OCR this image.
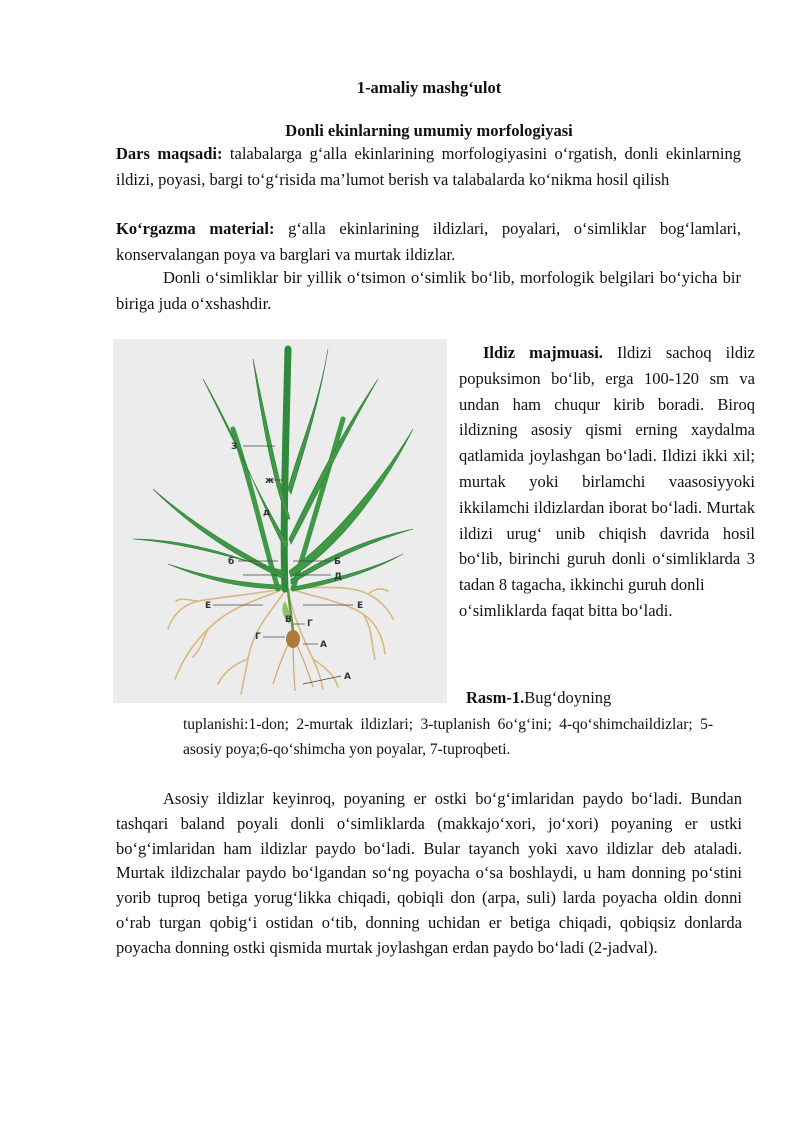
1-amaliy mashg‘ulot
Donli ekinlarning umumiy morfologiyasi
Dars maqsadi: talabalarga g‘alla ekinlarining morfologiyasini o‘rgatish, donli ekinlarning ildizi, poyasi, bargi to‘g‘risida ma’lumot berish va talabalarda ko‘nikma hosil qilish
Ko‘rgazma material: g‘alla ekinlarining ildizlari, poyalari, o‘simliklar bog‘lamlari, konservalangan poya va barglari va murtak ildizlar.
Donli o‘simliklar bir yillik o‘tsimon o‘simlik bo‘lib, morfologik belgilari bo‘yicha bir biriga juda o‘xshashdir.
3
ж
д
б	Б
Д
Е	Е
Г
В Г
А
А
Ildiz majmuasi. Ildizi sachoq ildiz popuksimon bo‘lib, erga 100-120 sm va undan ham chuqur kirib boradi. Biroq ildizning asosiy qismi erning xaydalma qatlamida joylashgan bo‘ladi. Ildizi ikki xil; murtak yoki birlamchi vaasosiyyoki ikkilamchi ildizlardan iborat bo‘ladi. Murtak ildizi urug‘ unib chiqish davrida hosil bo‘lib, birinchi guruh donli o‘simliklarda 3 tadan 8 tagacha, ikkinchi guruh donli
o‘simliklarda faqat bitta bo‘ladi.
Rasm-1.Bug‘doyning
tuplanishi:1-don; 2-murtak ildizlari; 3-tuplanish 6o‘g‘ini; 4-qo‘shimchaildizlar; 5-asosiy poya;6-qo‘shimcha yon poyalar, 7-tuproqbeti.
Asosiy ildizlar keyinroq, poyaning er ostki bo‘g‘imlaridan paydo bo‘ladi. Bundan tashqari baland poyali donli o‘simliklarda (makkajo‘xori, jo‘xori) poyaning er ustki bo‘g‘imlaridan ham ildizlar paydo bo‘ladi. Bular tayanch yoki xavo ildizlar deb ataladi. Murtak ildizchalar paydo bo‘lgandan so‘ng poyacha o‘sa boshlaydi, u ham donning po‘stini yorib tuproq betiga yorug‘likka chiqadi, qobiqli don (arpa, suli) larda poyacha oldin donni o‘rab turgan qobig‘i ostidan o‘tib, donning uchidan er betiga chiqadi, qobiqsiz donlarda poyacha donning ostki qismida murtak joylashgan erdan paydo bo‘ladi (2-jadval).
